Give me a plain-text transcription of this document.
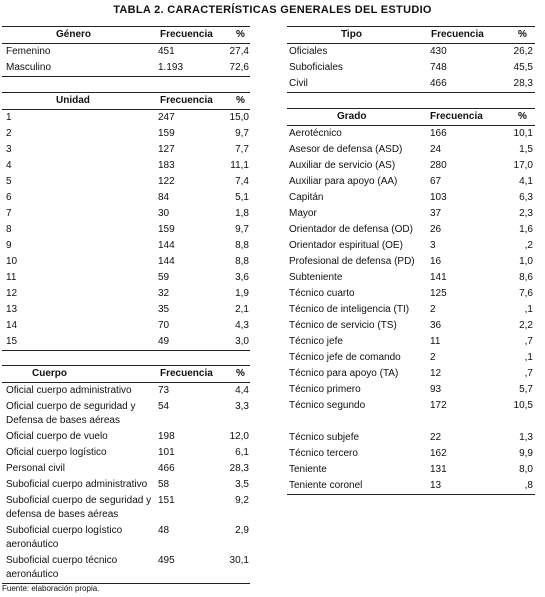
TABLA 2. CARACTERÍSTICAS GENERALES DEL ESTUDIO
Género	Frecuencia %
Femenino	451	27,4
Masculino	1.193	72,6
Tipo	Frecuencia	%
Oficiales	430	26,2
Suboficiales	748	45,5
Civil	466	28,3
Unidad	Frecuencia %
1	247	15,0
2	159	9,7
3	127	7,7
4	183	11,1
5	122	7,4
6	84	5,1
7	30	1,8
8	159	9,7
9	144	8,8
10	144	8,8
11	59	3,6
12	32	1,9
13	35	2,1
14	70	4,3
15	49	3,0
Grado	Frecuencia	%
Aerotécnico	166	10,1
Asesor de defensa (ASD)	24	1,5
Auxiliar de servicio (AS)	280	17,0
Auxiliar para apoyo (AA)	67	4,1
Capitán	103	6,3
Mayor	37	2,3
Orientador de defensa (OD) 26	1,6
Orientador espiritual (OE)	3	,2
Profesional de defensa (PD) 16	1,0
Subteniente	141	8,6
Técnico cuarto	125	7,6
Técnico de inteligencia (TI) 2	,1
Técnico de servicio (TS)	36	2,2
Técnico jefe	11	,7
Técnico jefe de comando	2	,1
Técnico para apoyo (TA)	12	,7
Técnico primero	93	5,7
Técnico segundo	172	10,5
Técnico subjefe	22	1,3
Técnico tercero	162	9,9
Teniente	131	8,0
Teniente coronel	13	,8
Cuerpo	Frecuencia %
Oficial cuerpo administrativo	73	4,4
Oficial cuerpo de seguridad y Defensa de bases aéreas
54	3,3
Oficial cuerpo de vuelo	198	12,0
Oficial cuerpo logístico	101	6,1
Personal civil	466	28,3
Suboficial cuerpo administrativo 58	3,5
Suboficial cuerpo de seguridad y defensa de bases aéreas
151	9,2
Suboficial cuerpo logístico aeronáutico
48	2,9
Suboficial cuerpo técnico aeronáutico
495	30,1
Fuente: elaboración propia.
